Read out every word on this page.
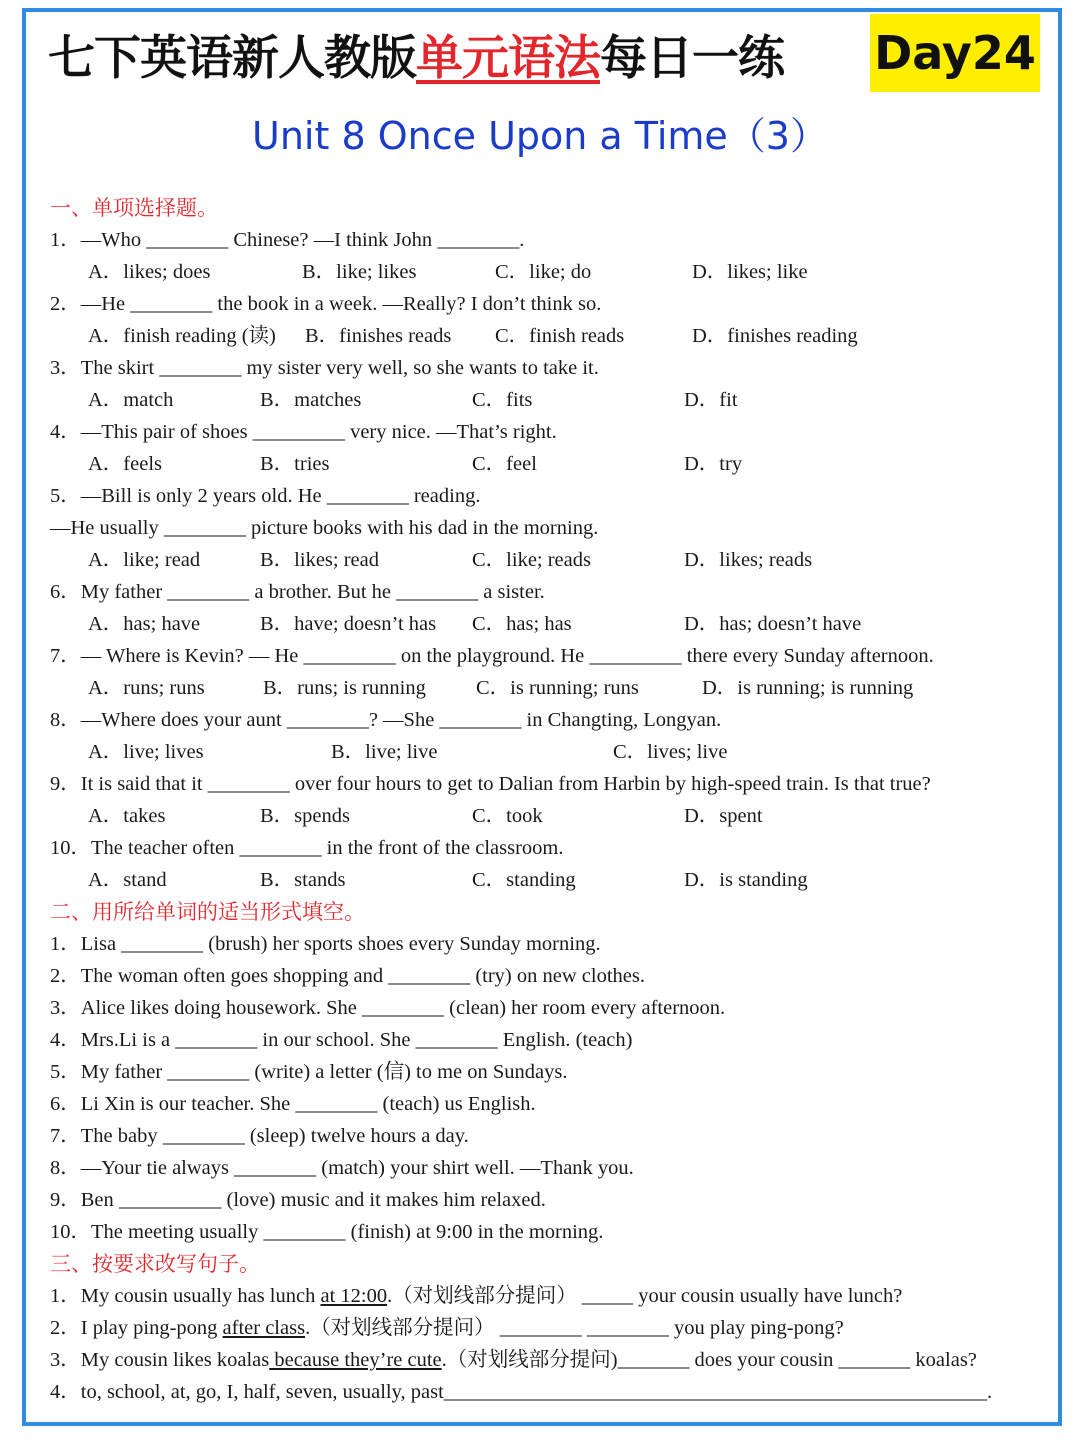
七下英语新人教版 单元语法 每日一练 Day24
Unit 8 Once Upon a Time（3）
一、单项选择题。
1．—Who ________ Chinese? —I think John ________.
A．likes; does	B．like; likes	C．like; do	D．likes; like
2．—He ________ the book in a week. —Really? I don’t think so.
A．finish reading (读) B．finishes reads C．finish reads	D．finishes reading
3．The skirt ________ my sister very well, so she wants to take it.
A．match	B．matches	C．fits	D．fit
4．—This pair of shoes _________ very nice. —That’s right.
A．feels	B．tries	C．feel	D．try
5．—Bill is only 2 years old. He ________ reading.
—He usually ________ picture books with his dad in the morning.
A．like; read	B．likes; read	C．like; reads	D．likes; reads
6．My father ________ a brother. But he ________ a sister.
A．has; have	B．have; doesn’t has C．has; has	D．has; doesn’t have
7．— Where is Kevin? — He _________ on the playground. He _________ there every Sunday afternoon.
A．runs; runs	B．runs; is running C．is running; runs	D．is running; is running
8．—Where does your aunt ________? —She ________ in Changting, Longyan.
A．live; lives	B．live; live	C．lives; live
9．It is said that it ________ over four hours to get to Dalian from Harbin by high-speed train. Is that true?
A．takes	B．spends	C．took	D．spent
10．The teacher often ________ in the front of the classroom.
A．stand	B．stands	C．standing	D．is standing
二、用所给单词的适当形式填空。
1．Lisa ________ (brush) her sports shoes every Sunday morning.
2．The woman often goes shopping and ________ (try) on new clothes.
3．Alice likes doing housework. She ________ (clean) her room every afternoon.
4．Mrs.Li is a ________ in our school. She ________ English. (teach)
5．My father ________ (write) a letter (信) to me on Sundays.
6．Li Xin is our teacher. She ________ (teach) us English.
7．The baby ________ (sleep) twelve hours a day.
8．—Your tie always ________ (match) your shirt well. —Thank you.
9．Ben __________ (love) music and it makes him relaxed.
10．The meeting usually ________ (finish) at 9:00 in the morning.
三、按要求改写句子。
1．My cousin usually has lunch at 12:00.（对划线部分提问） _____ your cousin usually have lunch?
2．I play ping-pong after class.（对划线部分提问） ________ ________ you play ping-pong?
3．My cousin likes koalas because they’re cute.（对划线部分提问)_______ does your cousin _______ koalas?
4．to, school, at, go, I, half, seven, usually, past_____________________________________________________.
